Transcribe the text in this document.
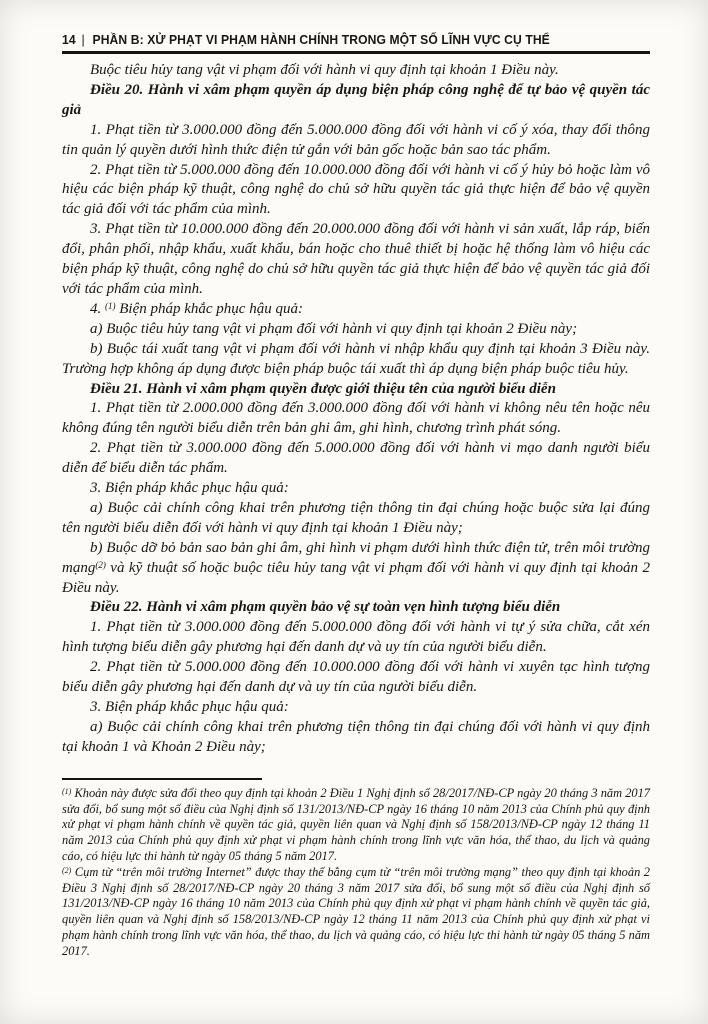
14 | PHẦN B: XỬ PHẠT VI PHẠM HÀNH CHÍNH TRONG MỘT SỐ LĨNH VỰC CỤ THỂ

Buộc tiêu hủy tang vật vi phạm đối với hành vi quy định tại khoản 1 Điều này.

Điều 20. Hành vi xâm phạm quyền áp dụng biện pháp công nghệ để tự bảo vệ quyền tác giả

1. Phạt tiền từ 3.000.000 đồng đến 5.000.000 đồng đối với hành vi cố ý xóa, thay đổi thông tin quản lý quyền dưới hình thức điện tử gắn với bản gốc hoặc bản sao tác phẩm.

2. Phạt tiền từ 5.000.000 đồng đến 10.000.000 đồng đối với hành vi cố ý hủy bỏ hoặc làm vô hiệu các biện pháp kỹ thuật, công nghệ do chủ sở hữu quyền tác giả thực hiện để bảo vệ quyền tác giả đối với tác phẩm của mình.

3. Phạt tiền từ 10.000.000 đồng đến 20.000.000 đồng đối với hành vi sản xuất, lắp ráp, biến đổi, phân phối, nhập khẩu, xuất khẩu, bán hoặc cho thuê thiết bị hoặc hệ thống làm vô hiệu các biện pháp kỹ thuật, công nghệ do chủ sở hữu quyền tác giả thực hiện để bảo vệ quyền tác giả đối với tác phẩm của mình.

4. $^{(1)}$ Biện pháp khắc phục hậu quả:

a) Buộc tiêu hủy tang vật vi phạm đối với hành vi quy định tại khoản 2 Điều này;

b) Buộc tái xuất tang vật vi phạm đối với hành vi nhập khẩu quy định tại khoản 3 Điều này. Trường hợp không áp dụng được biện pháp buộc tái xuất thì áp dụng biện pháp buộc tiêu hủy.

Điều 21. Hành vi xâm phạm quyền được giới thiệu tên của người biểu diễn

1. Phạt tiền từ 2.000.000 đồng đến 3.000.000 đồng đối với hành vi không nêu tên hoặc nêu không đúng tên người biểu diễn trên bản ghi âm, ghi hình, chương trình phát sóng.

2. Phạt tiền từ 3.000.000 đồng đến 5.000.000 đồng đối với hành vi mạo danh người biểu diễn để biểu diễn tác phẩm.

3. Biện pháp khắc phục hậu quả:

a) Buộc cải chính công khai trên phương tiện thông tin đại chúng hoặc buộc sửa lại đúng tên người biểu diễn đối với hành vi quy định tại khoản 1 Điều này;

b) Buộc dỡ bỏ bản sao bản ghi âm, ghi hình vi phạm dưới hình thức điện tử, trên môi trường mạng$^{(2)}$ và kỹ thuật số hoặc buộc tiêu hủy tang vật vi phạm đối với hành vi quy định tại khoản 2 Điều này.

Điều 22. Hành vi xâm phạm quyền bảo vệ sự toàn vẹn hình tượng biểu diễn

1. Phạt tiền từ 3.000.000 đồng đến 5.000.000 đồng đối với hành vi tự ý sửa chữa, cắt xén hình tượng biểu diễn gây phương hại đến danh dự và uy tín của người biểu diễn.

2. Phạt tiền từ 5.000.000 đồng đến 10.000.000 đồng đối với hành vi xuyên tạc hình tượng biểu diễn gây phương hại đến danh dự và uy tín của người biểu diễn.

3. Biện pháp khắc phục hậu quả:

a) Buộc cải chính công khai trên phương tiện thông tin đại chúng đối với hành vi quy định tại khoản 1 và Khoản 2 Điều này;

$^{(1)}$ Khoản này được sửa đổi theo quy định tại khoản 2 Điều 1 Nghị định số 28/2017/NĐ-CP ngày 20 tháng 3 năm 2017 sửa đổi, bổ sung một số điều của Nghị định số 131/2013/NĐ-CP ngày 16 tháng 10 năm 2013 của Chính phủ quy định xử phạt vi phạm hành chính về quyền tác giả, quyền liên quan và Nghị định số 158/2013/NĐ-CP ngày 12 tháng 11 năm 2013 của Chính phủ quy định xử phạt vi phạm hành chính trong lĩnh vực văn hóa, thể thao, du lịch và quảng cáo, có hiệu lực thi hành từ ngày 05 tháng 5 năm 2017.

$^{(2)}$ Cụm từ “trên môi trường Internet” được thay thế bằng cụm từ “trên môi trường mạng” theo quy định tại khoản 2 Điều 3 Nghị định số 28/2017/NĐ-CP ngày 20 tháng 3 năm 2017 sửa đổi, bổ sung một số điều của Nghị định số 131/2013/NĐ-CP ngày 16 tháng 10 năm 2013 của Chính phủ quy định xử phạt vi phạm hành chính về quyền tác giả, quyền liên quan và Nghị định số 158/2013/NĐ-CP ngày 12 tháng 11 năm 2013 của Chính phủ quy định xử phạt vi phạm hành chính trong lĩnh vực văn hóa, thể thao, du lịch và quảng cáo, có hiệu lực thi hành từ ngày 05 tháng 5 năm 2017.
